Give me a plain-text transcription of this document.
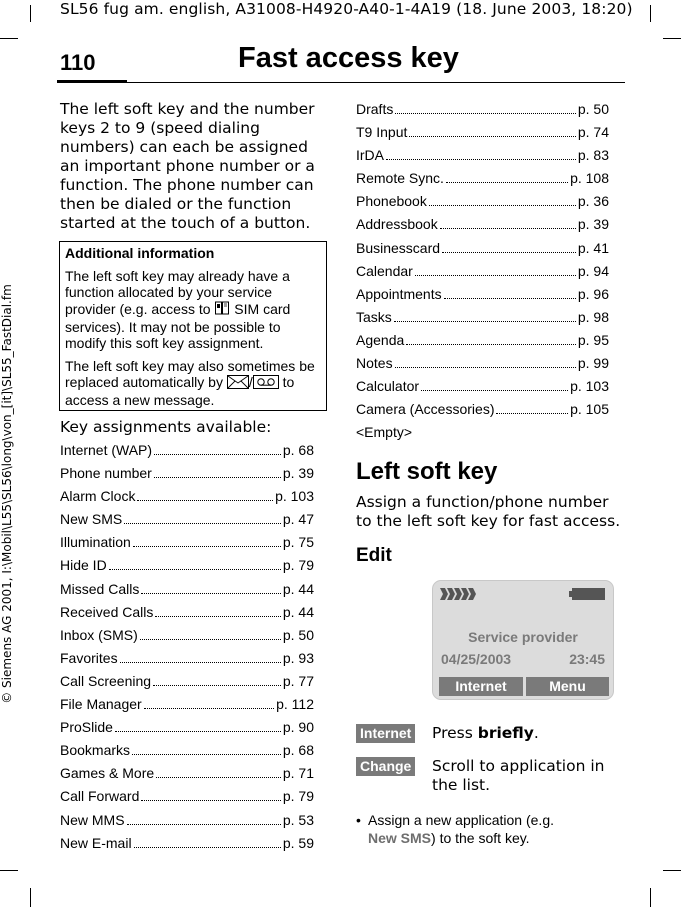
SL56 fug am. english, A31008-H4920-A40-1-4A19 (18. June 2003, 18:20)
110	Fast access key
© Siemens AG 2001, I:\Mobil\L55\SL56\long\von_[it]\SL55_FastDial.fm
The left soft key and the number keys 2 to 9 (speed dialing numbers) can each be assigned an important phone number or a function. The phone number can then be dialed or the function started at the touch of a button.
Additional information

The left soft key may already have a function allocated by your service provider (e.g. access to  SIM card services). It may not be possible to modify this soft key assignment.

The left soft key may also sometimes be replaced automatically by / to access a new message.

Key assignments available:
Internet (WAP)	p. 68
Phone number	p. 39
Alarm Clock	p. 103
New SMS	p. 47
Illumination	p. 75
Hide ID	p. 79
Missed Calls	p. 44
Received Calls	p. 44
Inbox (SMS)	p. 50
Favorites	p. 93
Call Screening	p. 77
File Manager	p. 112
ProSlide	p. 90
Bookmarks	p. 68
Games & More	p. 71
Call Forward	p. 79
New MMS	p. 53
New E-mail	p. 59
Drafts	p. 50
T9 Input	p. 74
IrDA	p. 83
Remote Sync.	p. 108
Phonebook	p. 36
Addressbook	p. 39
Businesscard	p. 41
Calendar	p. 94
Appointments	p. 96
Tasks	p. 98
Agenda	p. 95
Notes	p. 99
Calculator	p. 103
Camera (Accessories)	p. 105
<Empty>
Left soft key
Assign a function/phone number to the left soft key for fast access.
Edit
Service provider
04/25/2003	23:45
Internet	Menu
Internet Press briefly.
Change Scroll to application in the list.
• Assign a new application (e.g.
New SMS) to the soft key.
